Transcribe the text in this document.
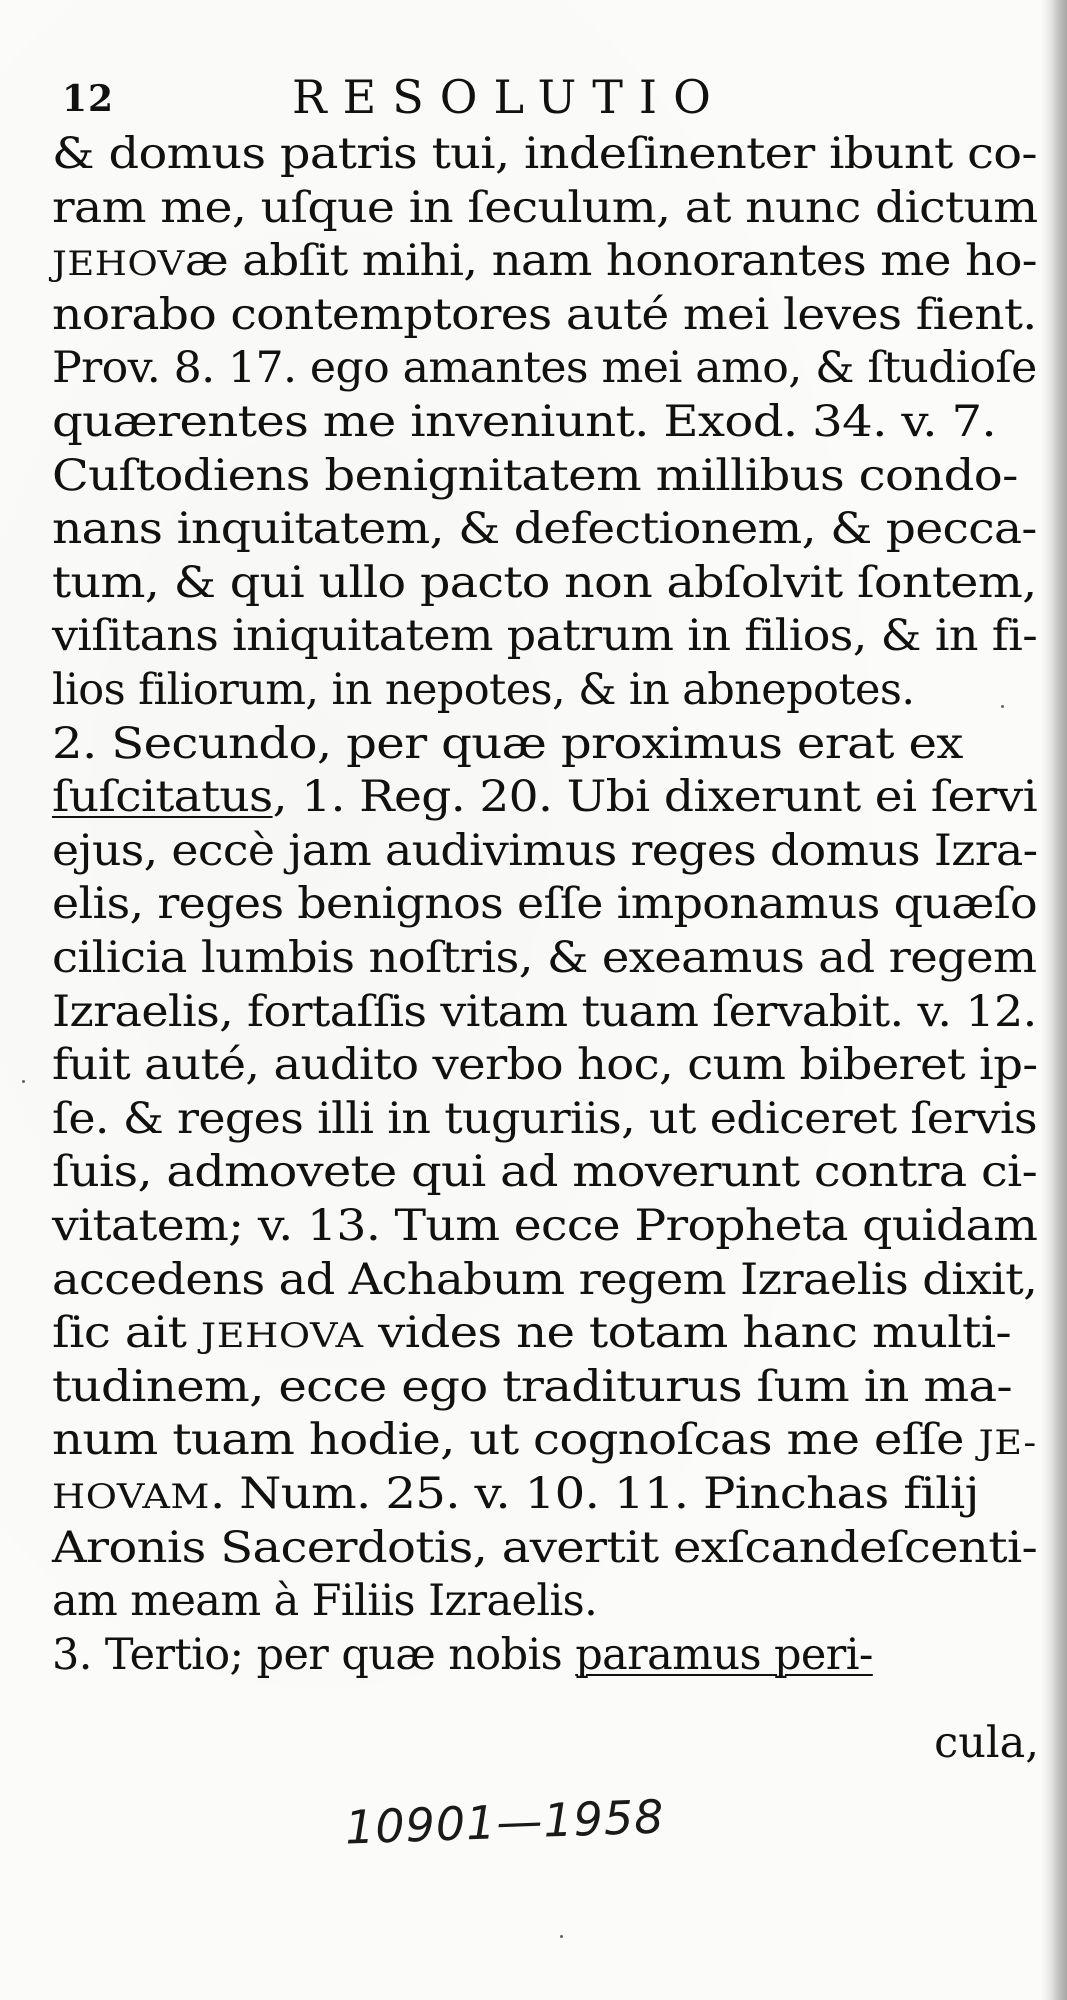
12	RESOLUTIO
& domus patris tui, indeſinenter ibunt co-
ram me, uſque in ſeculum, at nunc dictum
JEHOVæ abſit mihi, nam honorantes me ho-
norabo contemptores auté mei leves fient.
Prov. 8. 17. ego amantes mei amo, & ſtudioſe
quærentes me inveniunt. Exod. 34. v. 7.
Cuſtodiens benignitatem millibus condo-
nans inquitatem, & defectionem, & pecca-
tum, & qui ullo pacto non abſolvit ſontem,
viſitans iniquitatem patrum in filios, & in fi-
lios filiorum, in nepotes, & in abnepotes.
2. Secundo, per quæ proximus erat ex
ſuſcitatus, 1. Reg. 20. Ubi dixerunt ei ſervi
ejus, eccè jam audivimus reges domus Izra-
elis, reges benignos eſſe imponamus quæſo
cilicia lumbis noſtris, & exeamus ad regem
Izraelis, fortaſſis vitam tuam ſervabit. v. 12.
fuit auté, audito verbo hoc, cum biberet ip-
ſe. & reges illi in tuguriis, ut ediceret ſervis
ſuis, admovete qui ad moverunt contra ci-
vitatem; v. 13. Tum ecce Propheta quidam
accedens ad Achabum regem Izraelis dixit,
ſic ait JEHOVA vides ne totam hanc multi-
tudinem, ecce ego traditurus ſum in ma-
num tuam hodie, ut cognoſcas me eſſe JE-
HOVAM. Num. 25. v. 10. 11. Pinchas filij
Aronis Sacerdotis, avertit exſcandeſcenti-
am meam à Filiis Izraelis.
3. Tertio; per quæ nobis paramus peri-
cula,
10901—1958
